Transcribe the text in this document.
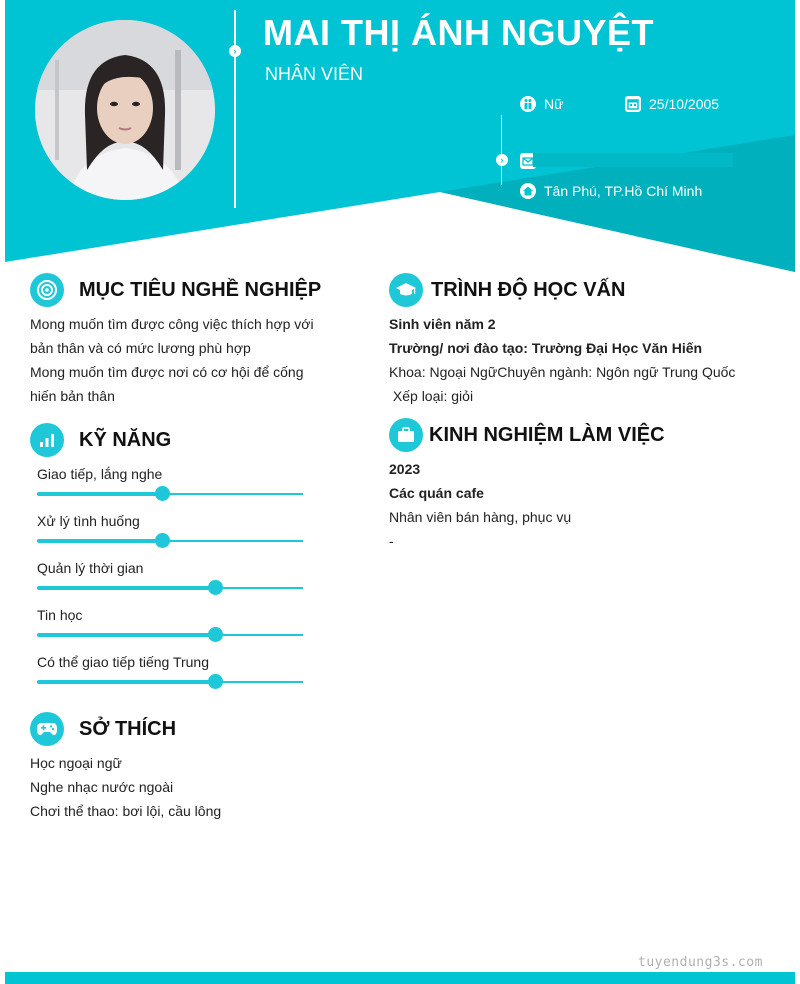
› MAI THỊ ÁNH NGUYỆT
NHÂN VIÊN
›
Nữ	25/10/2005
Tân Phú, TP.Hồ Chí Minh
MỤC TIÊU NGHỀ NGHIỆP
Mong muốn tìm được công việc thích hợp với
bản thân và có mức lương phù hợp
Mong muốn tìm được nơi có cơ hội để cống
hiến bản thân
KỸ NĂNG
Giao tiếp, lắng nghe
Xử lý tình huống
Quản lý thời gian
Tin học
Có thể giao tiếp tiếng Trung
SỞ THÍCH
Học ngoại ngữ
Nghe nhạc nước ngoài
Chơi thể thao: bơi lội, cầu lông
TRÌNH ĐỘ HỌC VẤN
Sinh viên năm 2
Trường/ nơi đào tạo: Trường Đại Học Văn Hiến
Khoa: Ngoại NgữChuyên ngành: Ngôn ngữ Trung Quốc
Xếp loại: giỏi
KINH NGHIỆM LÀM VIỆC
2023
Các quán cafe
Nhân viên bán hàng, phục vụ
-
tuyendung3s.com
